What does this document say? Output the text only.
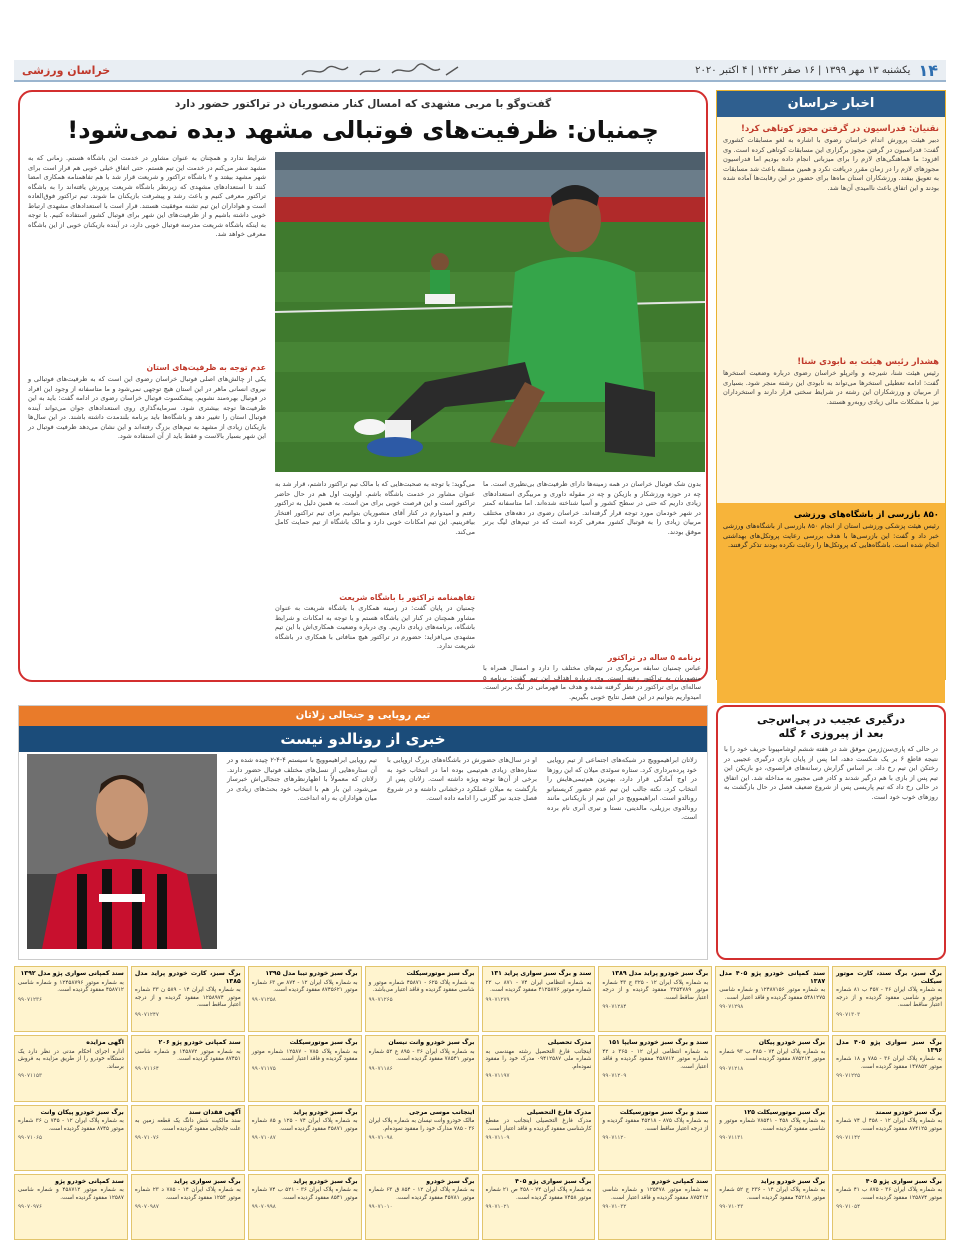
۱۴
یکشنبه ۱۳ مهر ۱۳۹۹ | ۱۶ صفر ۱۴۴۲ | ۴ اکتبر ۲۰۲۰
خراسان ورزشی
گفت‌وگو با مربی مشهدی که امسال کنار منصوریان در تراکتور حضور دارد
چمنیان: ظرفیت‌های فوتبالی مشهد دیده نمی‌شود!
شرایط ندارد و همچنان به عنوان مشاور در خدمت این باشگاه هستم. زمانی که به مشهد سفر می‌کنم در خدمت این تیم هستم. حتی اتفاق خیلی خوبی هم قرار است برای شهر مشهد بیفتد و ۲ باشگاه تراکتور و شریعت قرار شد با هم تفاهمنامه همکاری امضا کنند تا استعدادهای مشهدی که زیرنظر باشگاه شریعت پرورش یافته‌اند را به باشگاه تراکتور معرفی کنیم و باعث رشد و پیشرفت بازیکنان ما شوند. تیم تراکتور فوق‌العاده است و هواداران این تیم تشنه موفقیت هستند. قرار است با استعدادهای مشهدی ارتباط خوبی داشته باشیم و از ظرفیت‌های این شهر برای فوتبال کشور استفاده کنیم. با توجه به اینکه باشگاه شریعت مدرسه فوتبال خوبی دارد، در آینده بازیکنان خوبی از این باشگاه معرفی خواهد شد.
عدم توجه به ظرفیت‌های استان
یکی از چالش‌های اصلی فوتبال خراسان رضوی این است که به ظرفیت‌های فوتبالی و نیروی انسانی ماهر در این استان هیچ توجهی نمی‌شود و ما متاسفانه از وجود این افراد در فوتبال بهره‌مند نشویم. پیشکسوت فوتبال خراسان رضوی در ادامه گفت: باید به این ظرفیت‌ها توجه بیشتری شود. سرمایه‌گذاری روی استعدادهای جوان می‌تواند آینده فوتبال استان را تغییر دهد و باشگاه‌ها باید برنامه بلندمدت داشته باشند. در این سال‌ها بازیکنان زیادی از مشهد به تیم‌های بزرگ رفته‌اند و این نشان می‌دهد ظرفیت فوتبال در این شهر بسیار بالاست و فقط باید از آن استفاده شود.
بدون شک فوتبال خراسان در همه زمینه‌ها دارای ظرفیت‌های بی‌نظیری است. ما چه در حوزه ورزشکار و بازیکن و چه در مقوله داوری و مربیگری استعدادهای زیادی داریم که حتی در سطح کشور و آسیا شناخته شده‌اند. اما متاسفانه کمتر در شهر خودمان مورد توجه قرار گرفته‌اند. خراسان رضوی در دهه‌های مختلف مربیان زیادی را به فوتبال کشور معرفی کرده است که در تیم‌های لیگ برتر موفق بودند.
برنامه ۵ ساله در تراکتور
عباس چمنیان سابقه مربیگری در تیم‌های مختلف را دارد و امسال همراه با منصوریان به تراکتور رفته است. وی درباره اهداف این تیم گفت: برنامه ۵ ساله‌ای برای تراکتور در نظر گرفته شده و هدف ما قهرمانی در لیگ برتر است. امیدواریم بتوانیم در این فصل نتایج خوبی بگیریم.
می‌گوید: با توجه به صحبت‌هایی که با مالک تیم تراکتور داشتم، قرار شد به عنوان مشاور در خدمت باشگاه باشم. اولویت اول هم در حال حاضر تراکتور است و این فرصت خوبی برای من است. به همین دلیل به تراکتور رفتم و امیدوارم در کنار آقای منصوریان بتوانیم برای تیم تراکتور افتخار بیافرینیم. این تیم امکانات خوبی دارد و مالک باشگاه از تیم حمایت کامل می‌کند.
تفاهمنامه تراکتور با باشگاه شریعت
چمنیان در پایان گفت: در زمینه همکاری با باشگاه شریعت به عنوان مشاور همچنان در کنار این باشگاه هستم و با توجه به امکانات و شرایط باشگاه، برنامه‌های زیادی داریم. وی درباره وضعیت همکاری‌اش با این تیم مشهدی می‌افزاید: حضورم در تراکتور هیچ منافاتی با همکاری در باشگاه شریعت ندارد.
اخبار خراسان
نقنیان: فدراسیون در گرفتن مجوز کوتاهی کرد!
دبیر هیئت پرورش اندام خراسان رضوی با اشاره به لغو مسابقات کشوری گفت: فدراسیون در گرفتن مجوز برگزاری این مسابقات کوتاهی کرده است. وی افزود: ما هماهنگی‌های لازم را برای میزبانی انجام داده بودیم اما فدراسیون مجوزهای لازم را در زمان مقرر دریافت نکرد و همین مسئله باعث شد مسابقات به تعویق بیفتد. ورزشکاران استان ماه‌ها برای حضور در این رقابت‌ها آماده شده بودند و این اتفاق باعث ناامیدی آن‌ها شد.
هشدار رئیس هیئت به نابودی شنا!
رئیس هیئت شنا، شیرجه و واترپلو خراسان رضوی درباره وضعیت استخرها گفت: ادامه تعطیلی استخرها می‌تواند به نابودی این رشته منجر شود. بسیاری از مربیان و ورزشکاران این رشته در شرایط سختی قرار دارند و استخرداران نیز با مشکلات مالی زیادی روبه‌رو هستند.
۸۵۰ بازرسی از باشگاه‌های ورزشی
رئیس هیئت پزشکی ورزشی استان از انجام ۸۵۰ بازرسی از باشگاه‌های ورزشی خبر داد و گفت: این بازرسی‌ها با هدف بررسی رعایت پروتکل‌های بهداشتی انجام شده است. باشگاه‌هایی که پروتکل‌ها را رعایت نکرده بودند تذکر گرفتند.
تیم رویایی و جنجالی زلاتان
خبری از رونالدو نیست
زلاتان ابراهیموویچ در شبکه‌های اجتماعی از تیم رویایی خود پرده‌برداری کرد. ستاره سوئدی میلان که این روزها در اوج آمادگی قرار دارد، بهترین هم‌تیمی‌هایش را انتخاب کرد. نکته جالب این تیم عدم حضور کریستیانو رونالدو است. ابراهیموویچ در این تیم از بازیکنانی مانند رونالدوی برزیلی، مالدینی، نستا و تیری آنری نام برده است.
او در سال‌های حضورش در باشگاه‌های بزرگ اروپایی با ستاره‌های زیادی هم‌تیمی بوده اما در انتخاب خود به برخی از آن‌ها توجه ویژه داشته است. زلاتان پس از بازگشت به میلان عملکرد درخشانی داشته و در شروع فصل جدید نیز گلزنی را ادامه داده است.
تیم رویایی ابراهیموویچ با سیستم ۴-۴-۲ چیده شده و در آن ستاره‌هایی از نسل‌های مختلف فوتبال حضور دارند. زلاتان که معمولاً با اظهارنظرهای جنجالی‌اش خبرساز می‌شود، این بار هم با انتخاب خود بحث‌های زیادی در میان هواداران به راه انداخت.
درگیری عجیب در پی‌اس‌جی
بعد از پیروزی ۶ گله
در حالی که پاری‌سن‌ژرمن موفق شد در هفته ششم لوشامپیونا حریف خود را با نتیجه قاطع ۶ بر یک شکست دهد، اما پس از پایان بازی درگیری عجیبی در رختکن این تیم رخ داد. بر اساس گزارش رسانه‌های فرانسوی، دو بازیکن این تیم پس از بازی با هم درگیر شدند و کادر فنی مجبور به مداخله شد. این اتفاق در حالی رخ داد که تیم پاریسی پس از شروع ضعیف فصل در حال بازگشت به روزهای خوب خود است.
برگ سبز، برگ سند، کارت موتور سیکلت
به شماره پلاک ایران ۳۶ - ۴۵۷ ب ۸۱ شماره موتور و شاسی مفقود گردیده و از درجه اعتبار ساقط است.
۹۹۰۷۱۳۰۳
سند کمپانی خودرو پژو ۴۰۵ مدل ۱۳۸۷
به شماره موتور ۱۲۴۸۷۱۵۶ و شماره شاسی ۵۴۸۱۲۷۵ مفقود گردیده و فاقد اعتبار است.
۹۹۰۷۱۲۹۸
برگ سبز خودرو پراید مدل ۱۳۸۹
به شماره پلاک ایران ۱۲ - ۳۲۵ ج ۴۳ شماره موتور ۳۲۵۴۷۸۹ مفقود گردیده و از درجه اعتبار ساقط است.
۹۹۰۷۱۲۸۴
سند و برگ سبز سواری پراید ۱۳۱
به شماره انتظامی ایران ۷۴ - ۸۷۱ ب ۲۲ شماره موتور ۴۱۲۵۸۷۶ مفقود گردیده است.
۹۹۰۷۱۲۷۹
برگ سبز موتورسیکلت
به شماره پلاک ۶۲۵ - ۴۵۸۷۱ شماره موتور و شاسی مفقود گردیده و فاقد اعتبار می‌باشد.
۹۹۰۷۱۲۶۵
برگ سبز خودرو تیبا مدل ۱۳۹۵
به شماره پلاک ایران ۱۲ - ۸۷۴ ص ۶۳ شماره موتور ۸۷۴۵۶۲۱ مفقود گردیده است.
۹۹۰۷۱۲۵۸
برگ سبز، کارت خودرو پراید مدل ۱۳۸۵
به شماره پلاک ایران ۱۴ - ۵۸۹ ن ۳۳ شماره موتور ۱۲۵۸۹۷۴ مفقود گردیده و از درجه اعتبار ساقط است.
۹۹۰۷۱۲۴۷
سند کمپانی سواری پژو مدل ۱۳۹۲
به شماره موتور ۱۲۴۵۸۷۹۶ و شماره شاسی ۴۵۸۷۱۲ مفقود گردیده است.
۹۹۰۷۱۲۳۶
برگ سبز سواری پژو ۴۰۵ مدل ۱۳۹۶
به شماره پلاک ایران ۳۶ - ۷۸۵ و ۱۸ شماره موتور ۱۴۷۸۵۲ مفقود گردیده است.
۹۹۰۷۱۲۲۵
برگ سبز خودرو پیکان
به شماره پلاک ایران ۷۴ - ۴۸۵ ب ۹۳ شماره موتور ۸۷۵۲۱۴ مفقود گردیده است.
۹۹۰۷۱۲۱۸
سند و برگ سبز خودرو سایپا ۱۵۱
به شماره انتظامی ایران ۱۲ - ۳۶۵ د ۴۲ شماره موتور ۴۵۸۷۱۲ مفقود گردیده و فاقد اعتبار است.
۹۹۰۷۱۲۰۹
مدرک تحصیلی
اینجانب فارغ التحصیل رشته مهندسی به شماره ملی ۰۹۴۱۲۵۸۷ مدرک خود را مفقود نموده‌ام.
۹۹۰۷۱۱۹۷
برگ سبز خودرو وانت نیسان
به شماره پلاک ایران ۳۶ - ۸۹۵ ع ۵۲ شماره موتور ۷۸۵۴۱ مفقود گردیده است.
۹۹۰۷۱۱۸۶
برگ سبز موتورسیکلت
به شماره پلاک ۷۸۵ - ۱۲۵۸۷ شماره موتور مفقود گردیده و فاقد اعتبار است.
۹۹۰۷۱۱۷۵
سند کمپانی خودرو پژو ۲۰۶
به شماره موتور ۱۴۵۸۷۲ و شماره شاسی ۸۷۴۵۱ مفقود گردیده است.
۹۹۰۷۱۱۶۴
اگهی مزایده
اداره اجرای احکام مدنی در نظر دارد یک دستگاه خودرو را از طریق مزایده به فروش برساند.
۹۹۰۷۱۱۵۳
برگ سبز خودرو سمند
به شماره پلاک ایران ۱۲ - ۴۵۸ ل ۷۴ شماره موتور ۸۷۴۱۲۵ مفقود گردیده است.
۹۹۰۷۱۱۴۲
برگ سبز موتورسیکلت ۱۲۵
به شماره پلاک ۴۵۸ - ۷۸۵۴۱ شماره موتور و شاسی مفقود گردیده است.
۹۹۰۷۱۱۳۱
سند و برگ سبز موتورسیکلت
به شماره پلاک ۸۷۵ - ۴۵۲۱۸ مفقود گردیده و از درجه اعتبار ساقط است.
۹۹۰۷۱۱۲۰
مدرک فارغ التحصیلی
مدرک فارغ التحصیلی اینجانب در مقطع کارشناسی مفقود گردیده و فاقد اعتبار است.
۹۹۰۷۱۱۰۹
اینجانب موسی مرجی
مالک خودرو وانت نیسان به شماره پلاک ایران ۳۶ - ۷۸۵ مدارک خود را مفقود نموده‌ام.
۹۹۰۷۱۰۹۸
برگ سبز خودرو پراید
به شماره پلاک ایران ۷۴ - ۱۲۵ و ۸۵ شماره موتور ۴۵۸۷۱ مفقود گردیده است.
۹۹۰۷۱۰۸۷
آگهی فقدان سند
سند مالکیت شش دانگ یک قطعه زمین به علت جابجایی مفقود گردیده است.
۹۹۰۷۱۰۷۶
برگ سبز خودرو پیکان وانت
به شماره پلاک ایران ۱۲ - ۷۴۵ ن ۳۶ شماره موتور ۸۷۴۵ مفقود گردیده است.
۹۹۰۷۱۰۶۵
برگ سبز سواری پژو ۴۰۵
به شماره پلاک ایران ۳۶ - ۸۷۵ ب ۴۱ شماره موتور ۱۲۵۸۷۴ مفقود گردیده است.
۹۹۰۷۱۰۵۴
برگ سبز خودرو پراید
به شماره پلاک ایران ۱۴ - ۲۳۶ ج ۵۲ شماره موتور ۴۵۲۱۸ مفقود گردیده است.
۹۹۰۷۱۰۴۳
سند کمپانی خودرو
به شماره موتور ۱۲۵۴۷۸ و شماره شاسی ۸۷۵۴۱۲ مفقود گردیده و فاقد اعتبار است.
۹۹۰۷۱۰۳۲
برگ سبز سواری پژو ۴۰۵
به شماره پلاک ایران ۷۴ - ۴۵۸ ص ۲۱ شماره موتور ۷۴۵۸ مفقود گردیده است.
۹۹۰۷۱۰۲۱
برگ سبز خودرو
به شماره پلاک ایران ۱۲ - ۸۵۴ ق ۶۳ شماره موتور ۴۵۷۸۱ مفقود گردیده است.
۹۹۰۷۱۰۱۰
برگ سبز خودرو پراید
به شماره پلاک ایران ۳۶ - ۵۲۱ ب ۷۴ شماره موتور ۸۵۴۱ مفقود گردیده است.
۹۹۰۷۰۹۹۸
برگ سبز سواری پراید
به شماره پلاک ایران ۱۴ - ۷۸۵ د ۲۳ شماره موتور ۱۲۵۴ مفقود گردیده است.
۹۹۰۷۰۹۸۷
سند کمپانی خودرو پژو
به شماره موتور ۴۵۸۷۱۲ و شماره شاسی ۱۲۵۸۷ مفقود گردیده است.
۹۹۰۷۰۹۷۶
